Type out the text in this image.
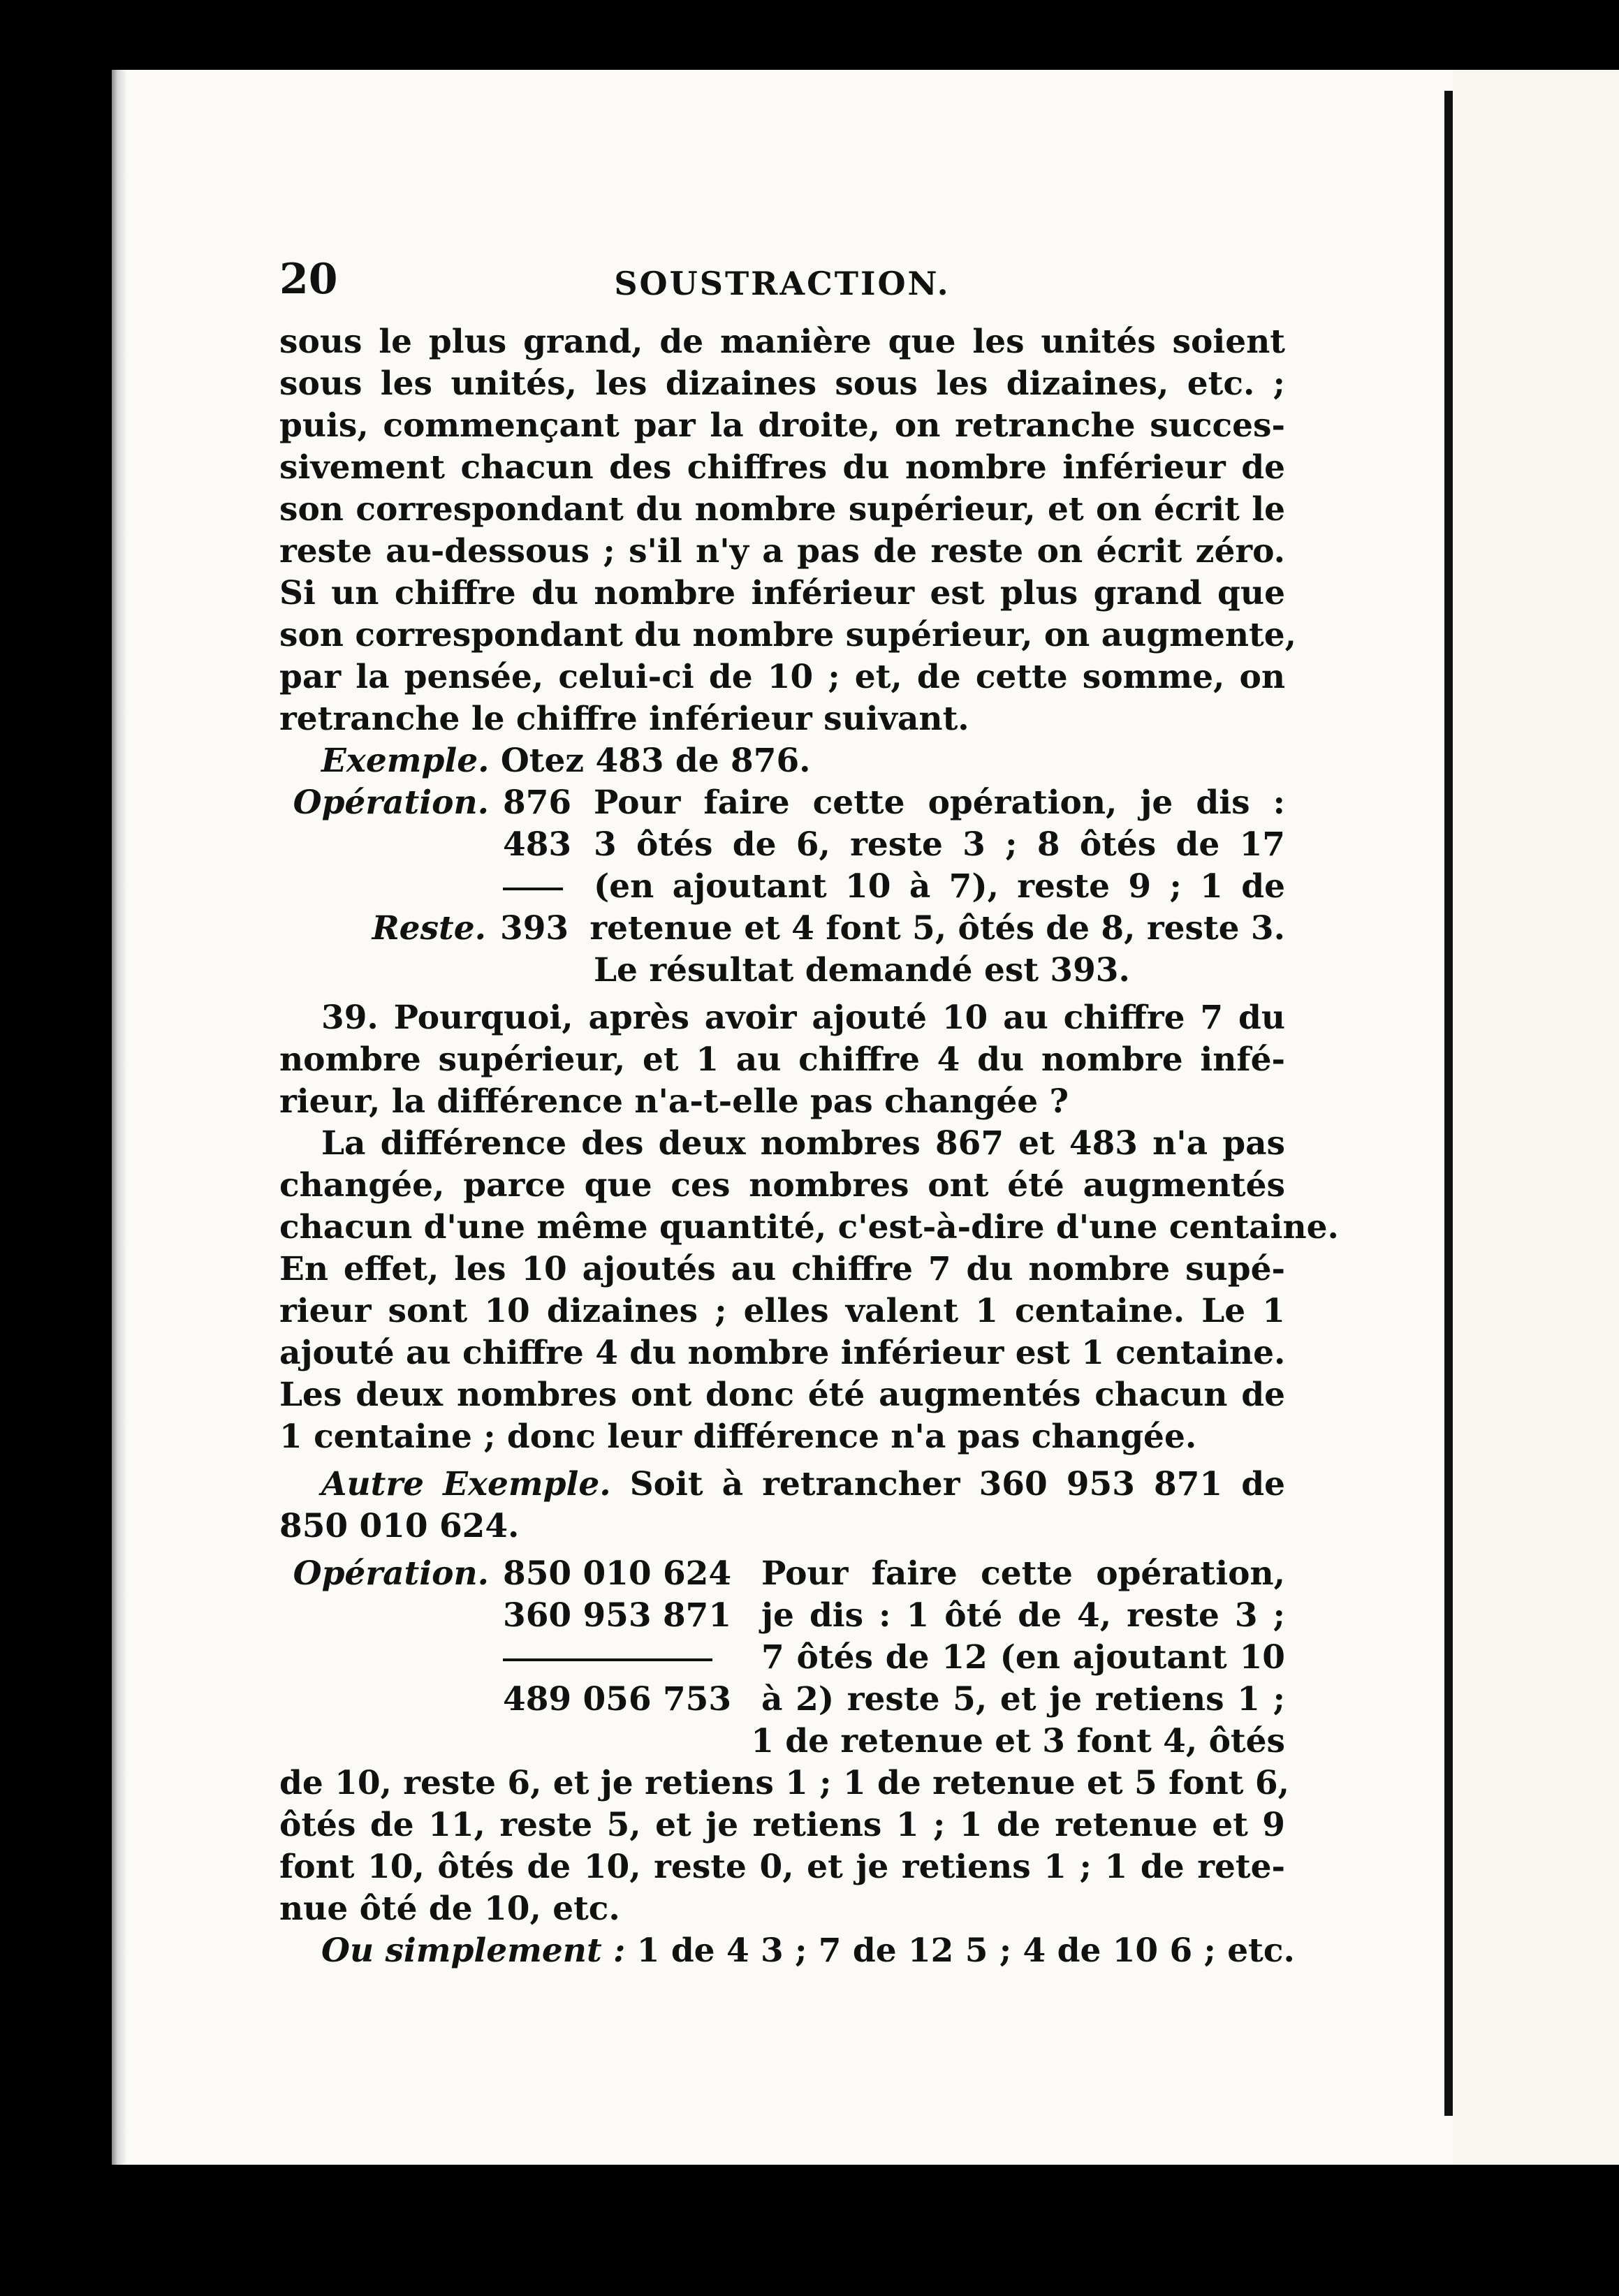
20	SOUSTRACTION.
sous le plus grand, de manière que les unités soient
sous les unités, les dizaines sous les dizaines, etc. ;
puis, commençant par la droite, on retranche succes-
sivement chacun des chiffres du nombre inférieur de
son correspondant du nombre supérieur, et on écrit le
reste au-dessous ; s'il n'y a pas de reste on écrit zéro.
Si un chiffre du nombre inférieur est plus grand que
son correspondant du nombre supérieur, on augmente,
par la pensée, celui-ci de 10 ; et, de cette somme, on
retranche le chiffre inférieur suivant.
Exemple. Otez 483 de 876.
Opération. 876 Pour faire cette opération, je dis :
483 3 ôtés de 6, reste 3 ; 8 ôtés de 17
(en ajoutant 10 à 7), reste 9 ; 1 de
Reste. 393 retenue et 4 font 5, ôtés de 8, reste 3.
Le résultat demandé est 393.
39. Pourquoi, après avoir ajouté 10 au chiffre 7 du
nombre supérieur, et 1 au chiffre 4 du nombre infé-
rieur, la différence n'a-t-elle pas changée ?
La différence des deux nombres 867 et 483 n'a pas
changée, parce que ces nombres ont été augmentés
chacun d'une même quantité, c'est-à-dire d'une centaine.
En effet, les 10 ajoutés au chiffre 7 du nombre supé-
rieur sont 10 dizaines ; elles valent 1 centaine. Le 1
ajouté au chiffre 4 du nombre inférieur est 1 centaine.
Les deux nombres ont donc été augmentés chacun de
1 centaine ; donc leur différence n'a pas changée.
Autre Exemple. Soit à retrancher 360 953 871 de
850 010 624.
Opération. 850 010 624 Pour faire cette opération,
360 953 871 je dis : 1 ôté de 4, reste 3 ;
7 ôtés de 12 (en ajoutant 10
489 056 753 à 2) reste 5, et je retiens 1 ;
1 de retenue et 3 font 4, ôtés
de 10, reste 6, et je retiens 1 ; 1 de retenue et 5 font 6,
ôtés de 11, reste 5, et je retiens 1 ; 1 de retenue et 9
font 10, ôtés de 10, reste 0, et je retiens 1 ; 1 de rete-
nue ôté de 10, etc.
Ou simplement : 1 de 4 3 ; 7 de 12 5 ; 4 de 10 6 ; etc.
